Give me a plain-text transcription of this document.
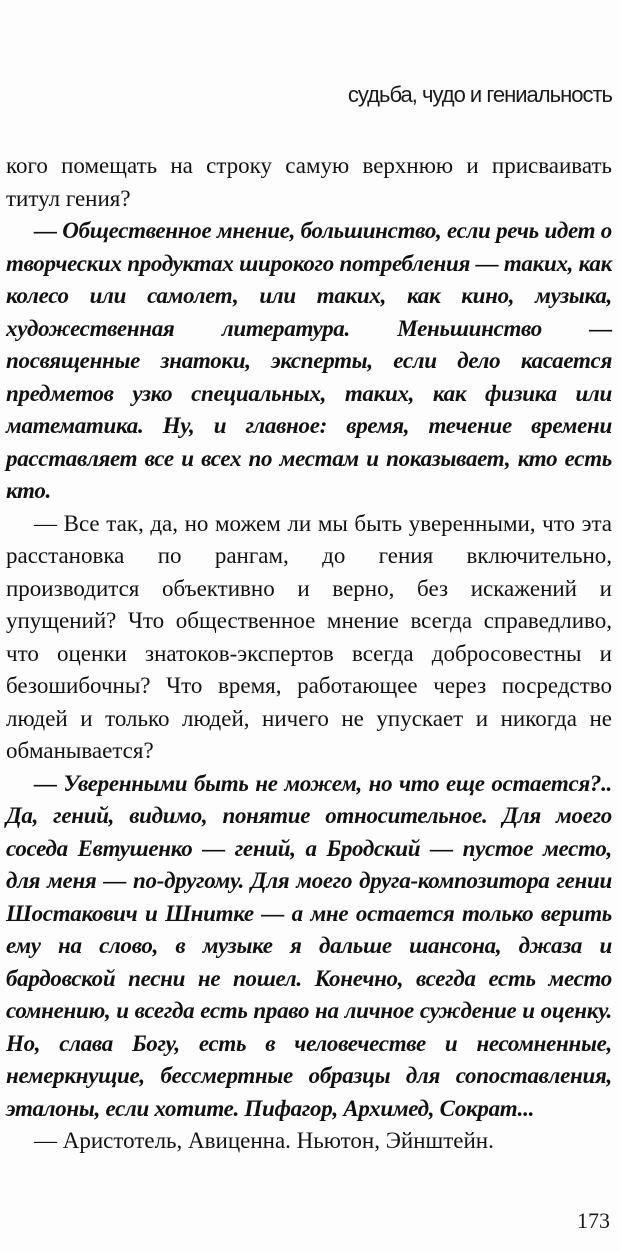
судьба, чудо и гениальность

кого помещать на строку самую верхнюю и присваивать титул гения?

— Общественное мнение, большинство, если речь идет о творческих продуктах широкого потребления — таких, как колесо или самолет, или таких, как кино, музыка, художественная литература. Меньшинство — посвященные знатоки, эксперты, если дело касается предметов узко специальных, таких, как физика или математика. Ну, и главное: время, течение времени расставляет все и всех по местам и показывает, кто есть кто.

— Все так, да, но можем ли мы быть уверенными, что эта расстановка по рангам, до гения включительно, производится объективно и верно, без искажений и упущений? Что общественное мнение всегда справедливо, что оценки знатоков-экспертов всегда добросовестны и безошибочны? Что время, работающее через посредство людей и только людей, ничего не упускает и никогда не обманывается?

— Уверенными быть не можем, но что еще остается?.. Да, гений, видимо, понятие относительное. Для моего соседа Евтушенко — гений, а Бродский — пустое место, для меня — по-другому. Для моего друга-композитора гении Шостакович и Шнитке — а мне остается только верить ему на слово, в музыке я дальше шансона, джаза и бардовской песни не пошел. Конечно, всегда есть место сомнению, и всегда есть право на личное суждение и оценку. Но, слава Богу, есть в человечестве и несомненные, немеркнущие, бессмертные образцы для сопоставления, эталоны, если хотите. Пифагор, Архимед, Сократ...

— Аристотель, Авиценна. Ньютон, Эйнштейн.

173
